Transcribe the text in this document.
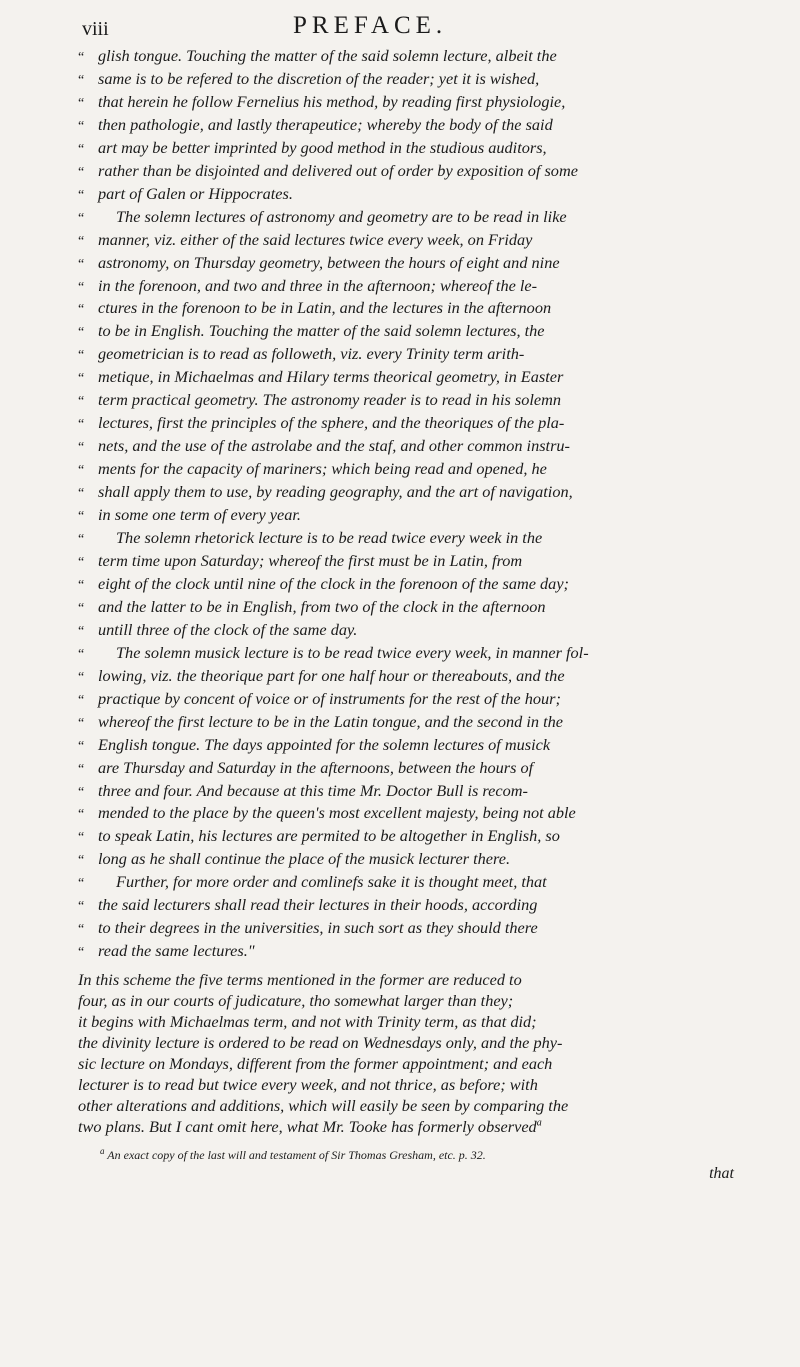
viii	PREFACE.
“ glish tongue. Touching the matter of the said solemn lecture, albeit the
“ same is to be refered to the discretion of the reader; yet it is wished,
“ that herein he follow Fernelius his method, by reading first physiologie,
“ then pathologie, and lastly therapeutice; whereby the body of the said
“ art may be better imprinted by good method in the studious auditors,
“ rather than be disjointed and delivered out of order by exposition of some
“ part of Galen or Hippocrates.
“ The solemn lectures of astronomy and geometry are to be read in like
“ manner, viz. either of the said lectures twice every week, on Friday
“ astronomy, on Thursday geometry, between the hours of eight and nine
“ in the forenoon, and two and three in the afternoon; whereof the le-
“ ctures in the forenoon to be in Latin, and the lectures in the afternoon
“ to be in English. Touching the matter of the said solemn lectures, the
“ geometrician is to read as followeth, viz. every Trinity term arith-
“ metique, in Michaelmas and Hilary terms theorical geometry, in Easter
“ term practical geometry. The astronomy reader is to read in his solemn
“ lectures, first the principles of the sphere, and the theoriques of the pla-
“ nets, and the use of the astrolabe and the staf, and other common instru-
“ ments for the capacity of mariners; which being read and opened, he
“ shall apply them to use, by reading geography, and the art of navigation,
“ in some one term of every year.
“ The solemn rhetorick lecture is to be read twice every week in the
“ term time upon Saturday; whereof the first must be in Latin, from
“ eight of the clock until nine of the clock in the forenoon of the same day;
“ and the latter to be in English, from two of the clock in the afternoon
“ untill three of the clock of the same day.
“ The solemn musick lecture is to be read twice every week, in manner fol-
“ lowing, viz. the theorique part for one half hour or thereabouts, and the
“ practique by concent of voice or of instruments for the rest of the hour;
“ whereof the first lecture to be in the Latin tongue, and the second in the
“ English tongue. The days appointed for the solemn lectures of musick
“ are Thursday and Saturday in the afternoons, between the hours of
“ three and four. And because at this time Mr. Doctor Bull is recom-
“ mended to the place by the queen's most excellent majesty, being not able
“ to speak Latin, his lectures are permited to be altogether in English, so
“ long as he shall continue the place of the musick lecturer there.
“ Further, for more order and comlinefs sake it is thought meet, that
“ the said lecturers shall read their lectures in their hoods, according
“ to their degrees in the universities, in such sort as they should there
“ read the same lectures."
In this scheme the five terms mentioned in the former are reduced to
four, as in our courts of judicature, tho somewhat larger than they;
it begins with Michaelmas term, and not with Trinity term, as that did;
the divinity lecture is ordered to be read on Wednesdays only, and the phy-
sic lecture on Mondays, different from the former appointment; and each
lecturer is to read but twice every week, and not thrice, as before; with
other alterations and additions, which will easily be seen by comparing the
two plans. But I cant omit here, what Mr. Tooke has formerly observed$^a$
$^a$ An exact copy of the last will and testament of Sir Thomas Gresham, etc. p. 32.
that
